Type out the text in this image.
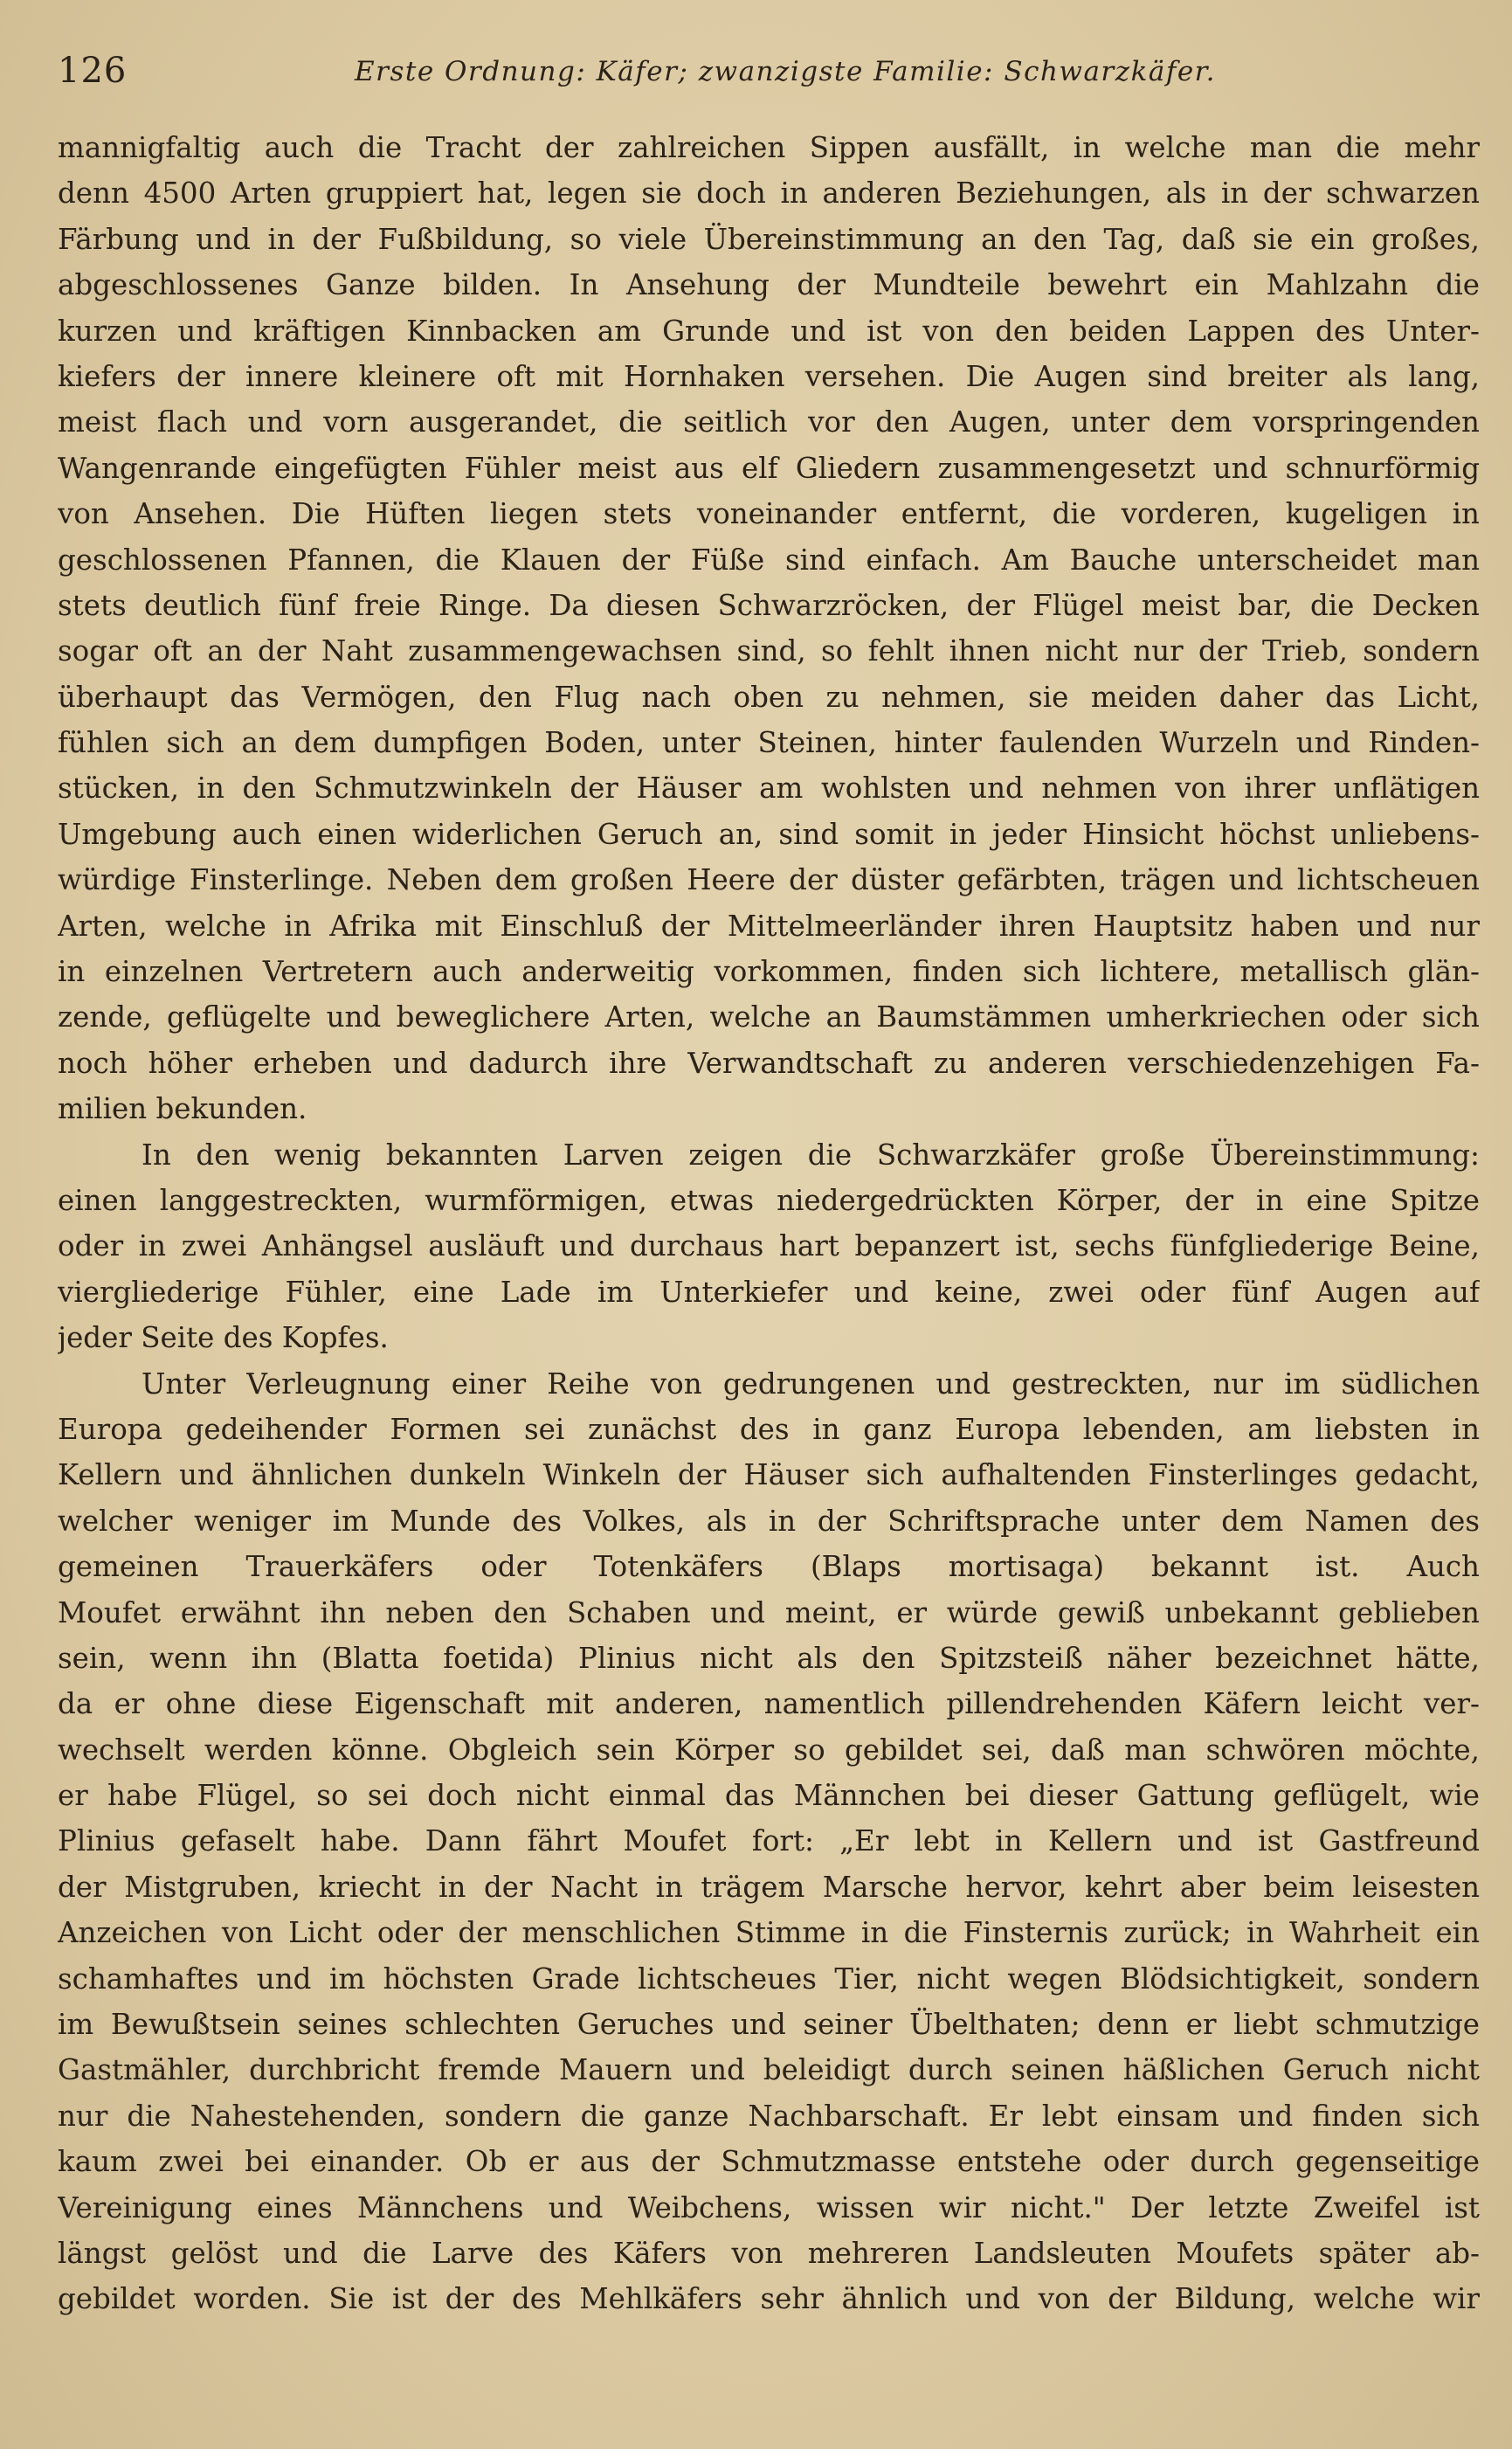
126	Erste Ordnung: Käfer; zwanzigste Familie: Schwarzkäfer.
mannigfaltig auch die Tracht der zahlreichen Sippen ausfällt, in welche man die mehr
denn 4500 Arten gruppiert hat, legen sie doch in anderen Beziehungen, als in der schwarzen
Färbung und in der Fußbildung, so viele Übereinstimmung an den Tag, daß sie ein großes,
abgeschlossenes Ganze bilden. In Ansehung der Mundteile bewehrt ein Mahlzahn die
kurzen und kräftigen Kinnbacken am Grunde und ist von den beiden Lappen des Unter-
kiefers der innere kleinere oft mit Hornhaken versehen. Die Augen sind breiter als lang,
meist flach und vorn ausgerandet, die seitlich vor den Augen, unter dem vorspringenden
Wangenrande eingefügten Fühler meist aus elf Gliedern zusammengesetzt und schnurförmig
von Ansehen. Die Hüften liegen stets voneinander entfernt, die vorderen, kugeligen in
geschlossenen Pfannen, die Klauen der Füße sind einfach. Am Bauche unterscheidet man
stets deutlich fünf freie Ringe. Da diesen Schwarzröcken, der Flügel meist bar, die Decken
sogar oft an der Naht zusammengewachsen sind, so fehlt ihnen nicht nur der Trieb, sondern
überhaupt das Vermögen, den Flug nach oben zu nehmen, sie meiden daher das Licht,
fühlen sich an dem dumpfigen Boden, unter Steinen, hinter faulenden Wurzeln und Rinden-
stücken, in den Schmutzwinkeln der Häuser am wohlsten und nehmen von ihrer unflätigen
Umgebung auch einen widerlichen Geruch an, sind somit in jeder Hinsicht höchst unliebens-
würdige Finsterlinge. Neben dem großen Heere der düster gefärbten, trägen und lichtscheuen
Arten, welche in Afrika mit Einschluß der Mittelmeerländer ihren Hauptsitz haben und nur
in einzelnen Vertretern auch anderweitig vorkommen, finden sich lichtere, metallisch glän-
zende, geflügelte und beweglichere Arten, welche an Baumstämmen umherkriechen oder sich
noch höher erheben und dadurch ihre Verwandtschaft zu anderen verschiedenzehigen Fa-
milien bekunden.
In den wenig bekannten Larven zeigen die Schwarzkäfer große Übereinstimmung:
einen langgestreckten, wurmförmigen, etwas niedergedrückten Körper, der in eine Spitze
oder in zwei Anhängsel ausläuft und durchaus hart bepanzert ist, sechs fünfgliederige Beine,
viergliederige Fühler, eine Lade im Unterkiefer und keine, zwei oder fünf Augen auf
jeder Seite des Kopfes.
Unter Verleugnung einer Reihe von gedrungenen und gestreckten, nur im südlichen
Europa gedeihender Formen sei zunächst des in ganz Europa lebenden, am liebsten in
Kellern und ähnlichen dunkeln Winkeln der Häuser sich aufhaltenden Finsterlinges gedacht,
welcher weniger im Munde des Volkes, als in der Schriftsprache unter dem Namen des
gemeinen Trauerkäfers oder Totenkäfers (Blaps mortisaga) bekannt ist. Auch
Moufet erwähnt ihn neben den Schaben und meint, er würde gewiß unbekannt geblieben
sein, wenn ihn (Blatta foetida) Plinius nicht als den Spitzsteiß näher bezeichnet hätte,
da er ohne diese Eigenschaft mit anderen, namentlich pillendrehenden Käfern leicht ver-
wechselt werden könne. Obgleich sein Körper so gebildet sei, daß man schwören möchte,
er habe Flügel, so sei doch nicht einmal das Männchen bei dieser Gattung geflügelt, wie
Plinius gefaselt habe. Dann fährt Moufet fort: „Er lebt in Kellern und ist Gastfreund
der Mistgruben, kriecht in der Nacht in trägem Marsche hervor, kehrt aber beim leisesten
Anzeichen von Licht oder der menschlichen Stimme in die Finsternis zurück; in Wahrheit ein
schamhaftes und im höchsten Grade lichtscheues Tier, nicht wegen Blödsichtigkeit, sondern
im Bewußtsein seines schlechten Geruches und seiner Übelthaten; denn er liebt schmutzige
Gastmähler, durchbricht fremde Mauern und beleidigt durch seinen häßlichen Geruch nicht
nur die Nahestehenden, sondern die ganze Nachbarschaft. Er lebt einsam und finden sich
kaum zwei bei einander. Ob er aus der Schmutzmasse entstehe oder durch gegenseitige
Vereinigung eines Männchens und Weibchens, wissen wir nicht." Der letzte Zweifel ist
längst gelöst und die Larve des Käfers von mehreren Landsleuten Moufets später ab-
gebildet worden. Sie ist der des Mehlkäfers sehr ähnlich und von der Bildung, welche wir
